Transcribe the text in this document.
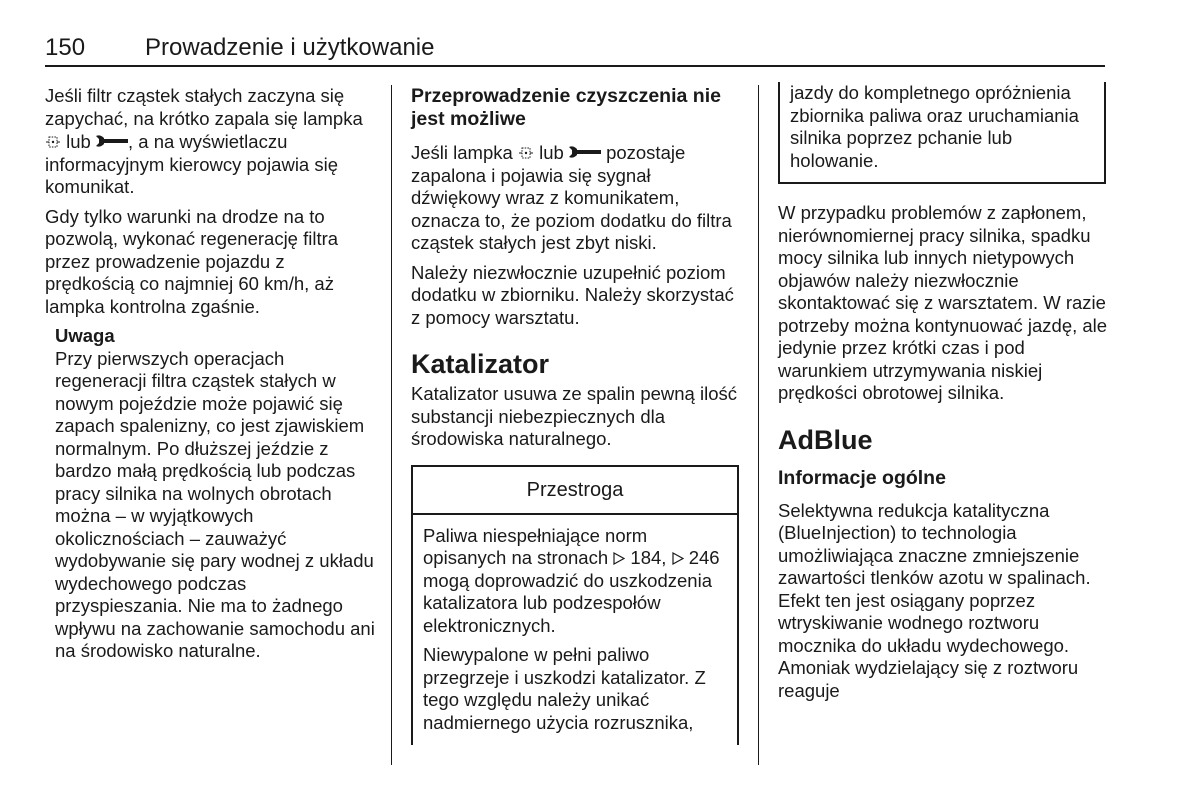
150 Prowadzenie i użytkowanie

Jeśli filtr cząstek stałych zaczyna się zapychać, na krótko zapala się lampka  lub , a na wyświetlaczu informacyjnym kierowcy pojawia się komunikat.

Gdy tylko warunki na drodze na to pozwolą, wykonać regenerację filtra przez prowadzenie pojazdu z prędkością co najmniej 60 km/h, aż lampka kontrolna zgaśnie.

Uwaga

Przy pierwszych operacjach regeneracji filtra cząstek stałych w nowym pojeździe może pojawić się zapach spalenizny, co jest zjawiskiem normalnym. Po dłuższej jeździe z bardzo małą prędkością lub podczas pracy silnika na wolnych obrotach można – w wyjątkowych okolicznościach – zauważyć wydobywanie się pary wodnej z układu wydechowego podczas przyspieszania. Nie ma to żadnego wpływu na zachowanie samochodu ani na środowisko naturalne.

Przeprowadzenie czyszczenia nie jest możliwe

Jeśli lampka lub pozostaje zapalona i pojawia się sygnał dźwiękowy wraz z komunikatem, oznacza to, że poziom dodatku do filtra cząstek stałych jest zbyt niski.

Należy niezwłocznie uzupełnić poziom dodatku w zbiorniku. Należy skorzystać z pomocy warsztatu.

Katalizator

Katalizator usuwa ze spalin pewną ilość substancji niebezpiecznych dla środowiska naturalnego.

Przestroga

Paliwa niespełniające norm opisanych na stronach 184, 246 mogą doprowadzić do uszkodzenia katalizatora lub podzespołów elektronicznych.

Niewypalone w pełni paliwo przegrzeje i uszkodzi katalizator. Z tego względu należy unikać nadmiernego użycia rozrusznika,

jazdy do kompletnego opróżnienia zbiornika paliwa oraz uruchamiania silnika poprzez pchanie lub holowanie.

W przypadku problemów z zapłonem, nierównomiernej pracy silnika, spadku mocy silnika lub innych nietypowych objawów należy niezwłocznie skontaktować się z warsztatem. W razie potrzeby można kontynuować jazdę, ale jedynie przez krótki czas i pod warunkiem utrzymywania niskiej prędkości obrotowej silnika.

AdBlue

Informacje ogólne

Selektywna redukcja katalityczna (BlueInjection) to technologia umożliwiająca znaczne zmniejszenie zawartości tlenków azotu w spalinach. Efekt ten jest osiągany poprzez wtryskiwanie wodnego roztworu mocznika do układu wydechowego. Amoniak wydzielający się z roztworu reaguje
